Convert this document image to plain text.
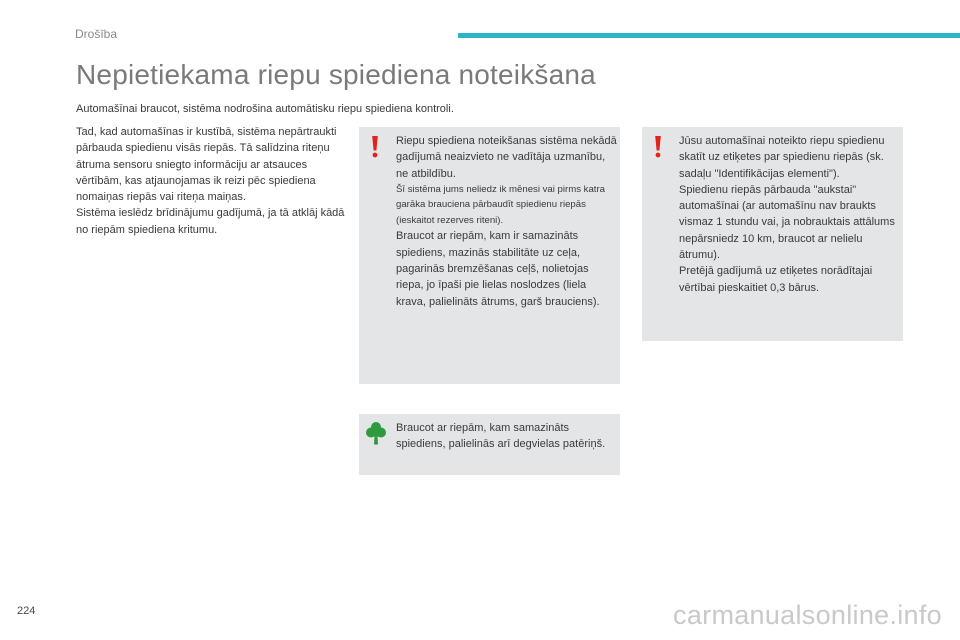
Drošība

Nepietiekama riepu spiediena noteikšana

Automašīnai braucot, sistēma nodrošina automātisku riepu spiediena kontroli.

Tad, kad automašīnas ir kustībā, sistēma nepārtraukti pārbauda spiedienu visās riepās. Tā salīdzina riteņu ātruma sensoru sniegto informāciju ar atsauces vērtībām, kas atjaunojamas ik reizi pēc spiediena nomaiņas riepās vai riteņa maiņas.

Sistēma ieslēdz brīdinājumu gadījumā, ja tā atklāj kādā no riepām spiediena kritumu.

Riepu spiediena noteikšanas sistēma nekādā gadījumā neaizvieto ne vadītāja uzmanību, ne atbildību.

Šī sistēma jums neliedz ik mēnesi vai pirms katra garāka brauciena pārbaudīt spiedienu riepās (ieskaitot rezerves riteni).

Braucot ar riepām, kam ir samazināts spiediens, mazinās stabilitāte uz ceļa, pagarinās bremzēšanas ceļš, nolietojas riepa, jo īpaši pie lielas noslodzes (liela krava, palielināts ātrums, garš brauciens).

Jūsu automašīnai noteikto riepu spiedienu skatīt uz etiķetes par spiedienu riepās (sk. sadaļu "Identifikācijas elementi").

Spiedienu riepās pārbauda "aukstai" automašīnai (ar automašīnu nav braukts vismaz 1 stundu vai, ja nobrauktais attālums nepārsniedz 10 km, braucot ar nelielu ātrumu).

Pretējā gadījumā uz etiķetes norādītajai vērtībai pieskaitiet 0,3 bārus.

Braucot ar riepām, kam samazināts spiediens, palielinās arī degvielas patēriņš.

224	carmanualsonline.info
